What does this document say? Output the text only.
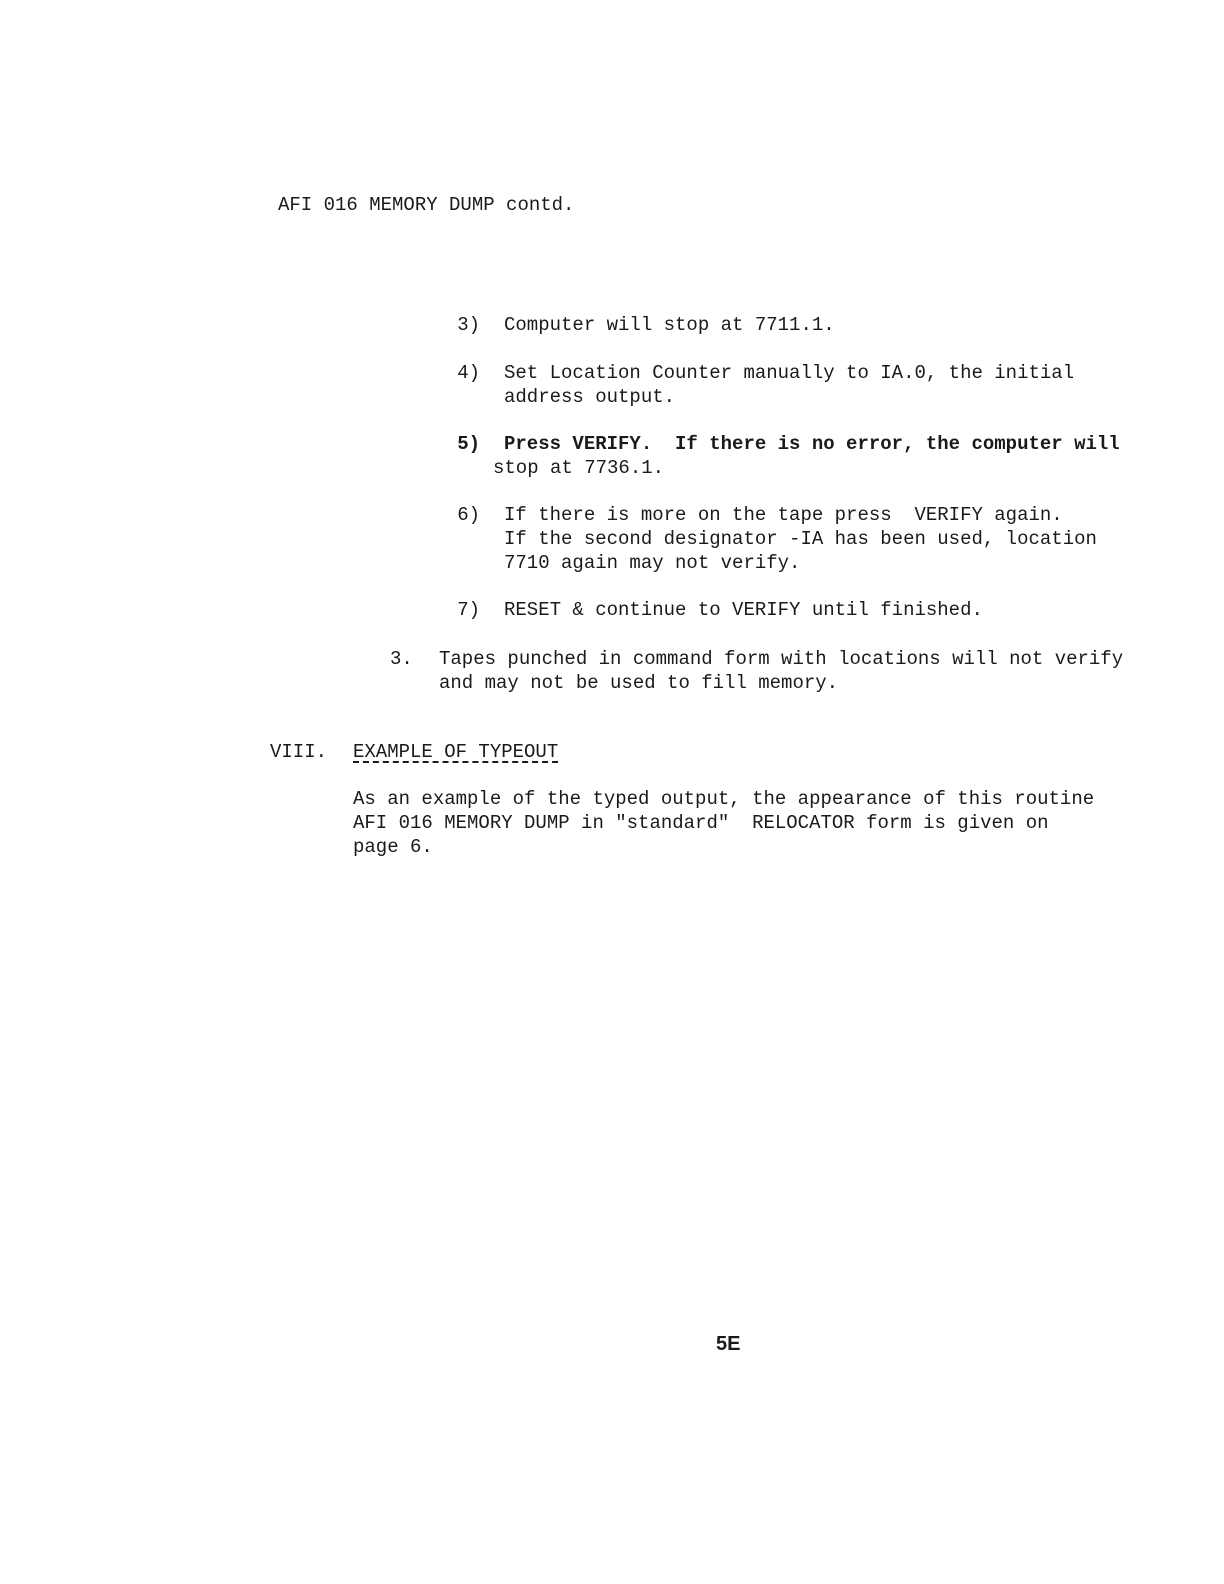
AFI 016 MEMORY DUMP contd.
3) Computer will stop at 7711.1.
4) Set Location Counter manually to IA.0, the initial
address output.
5) Press VERIFY.  If there is no error, the computer will
stop at 7736.1.
6) If there is more on the tape press  VERIFY again.
If the second designator -IA has been used, location
7710 again may not verify.
7) RESET & continue to VERIFY until finished.
3. Tapes punched in command form with locations will not verify
and may not be used to fill memory.
VIII. EXAMPLE OF TYPEOUT
As an example of the typed output, the appearance of this routine
AFI 016 MEMORY DUMP in "standard"  RELOCATOR form is given on
page 6.
5E
